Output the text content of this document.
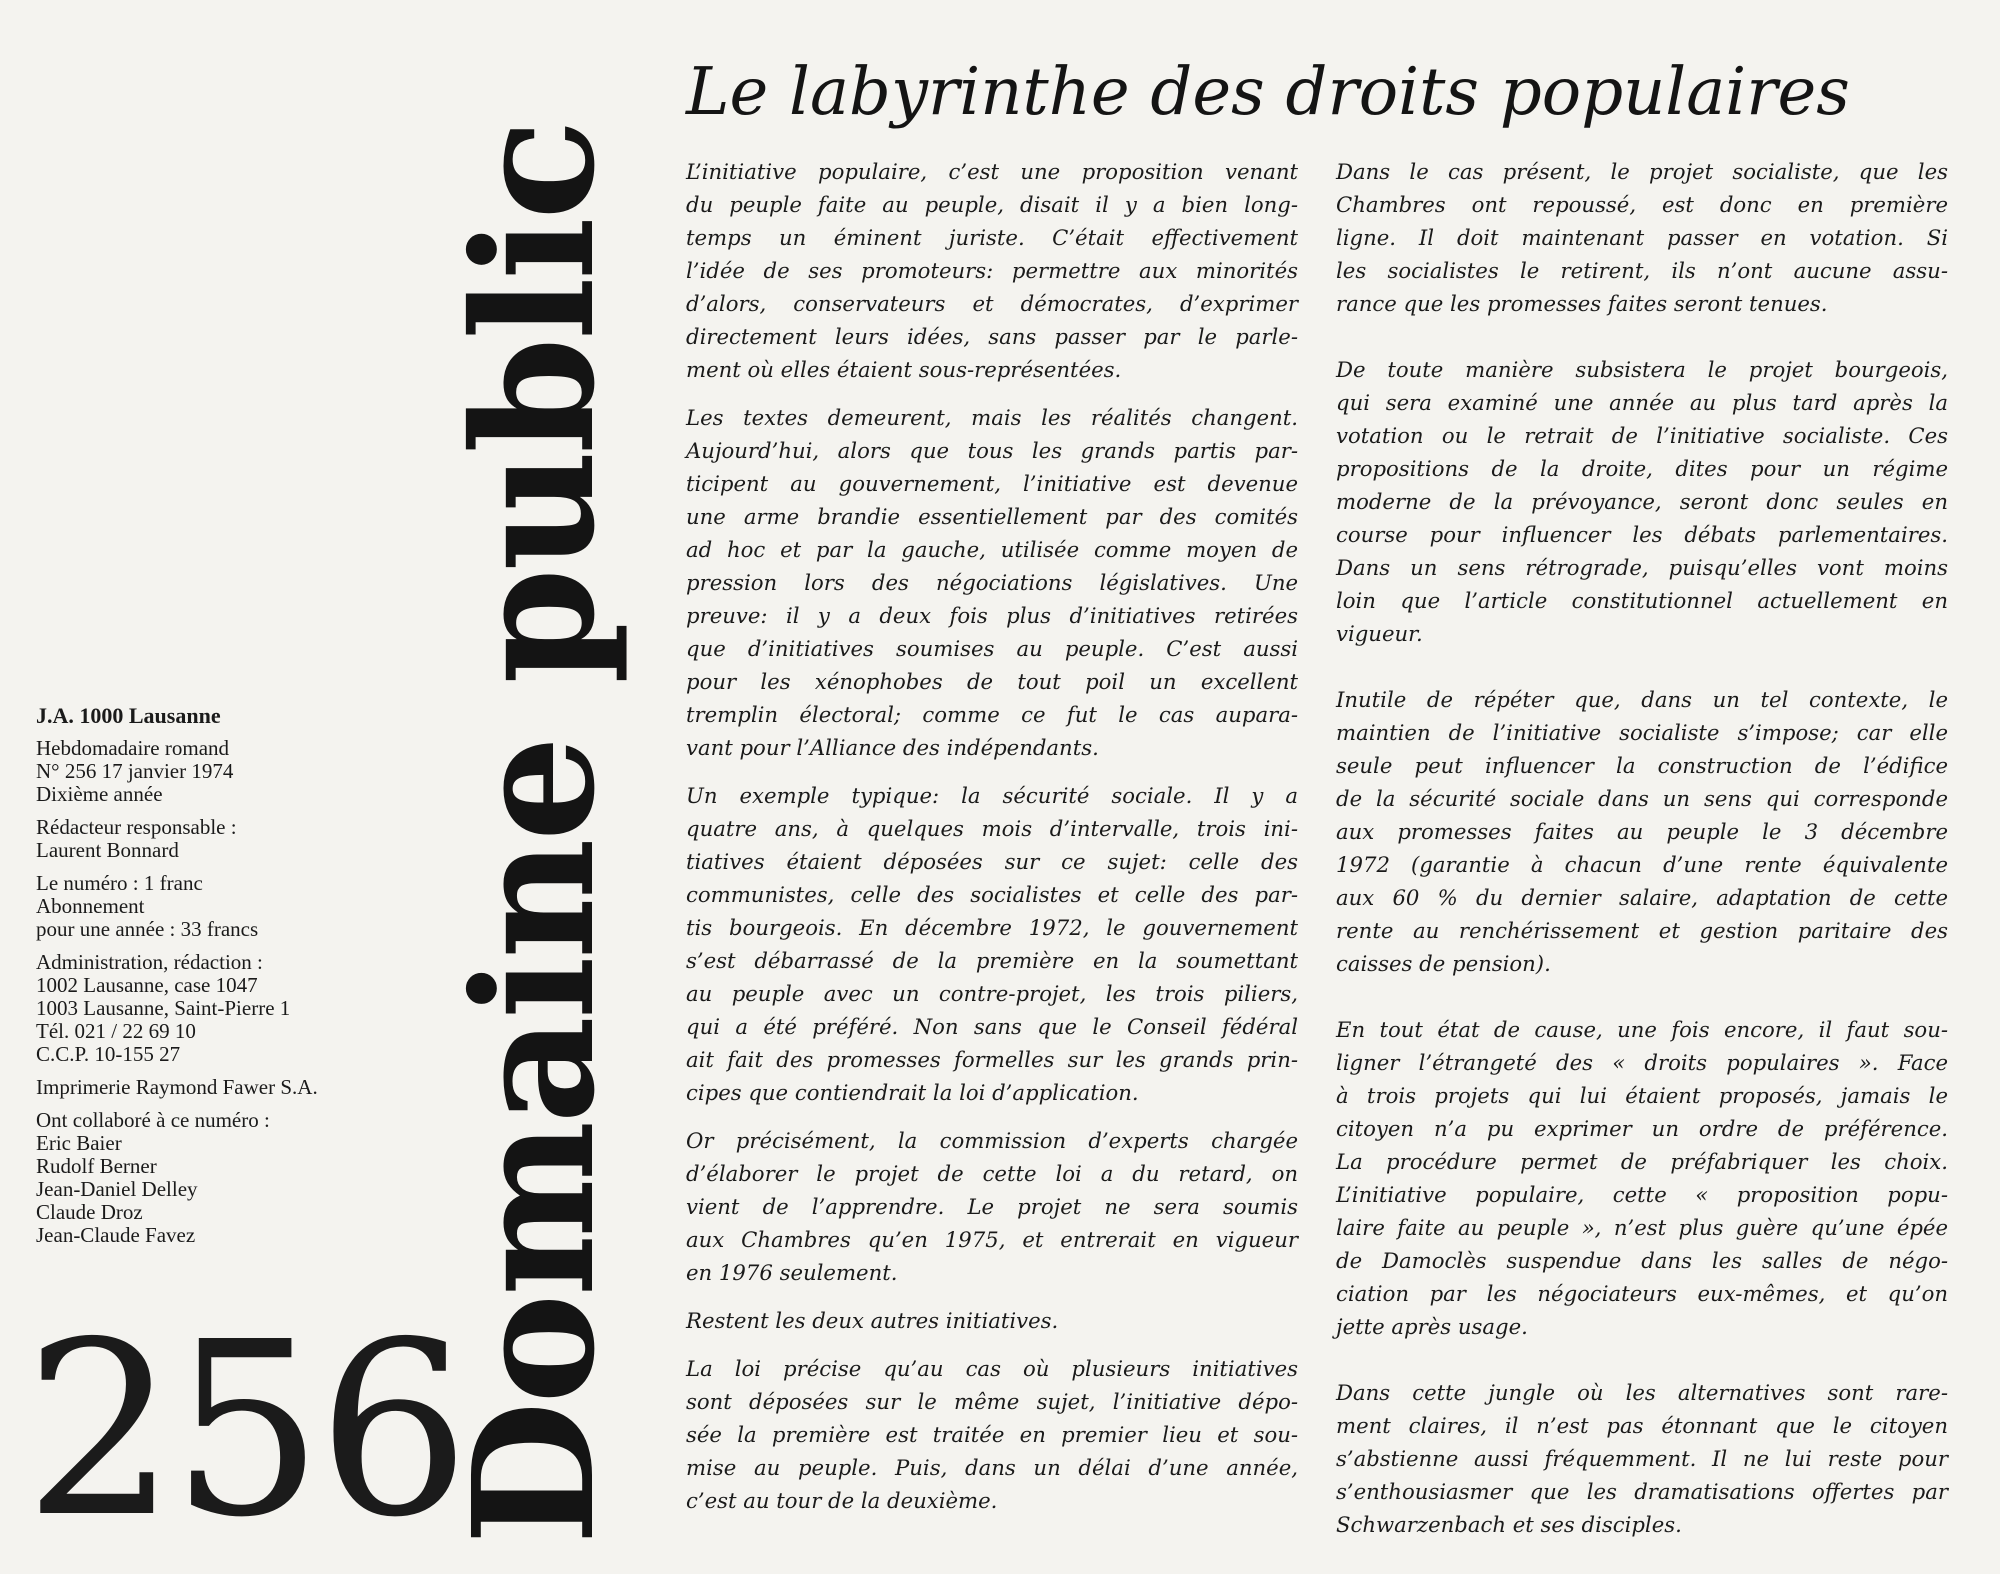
Le labyrinthe des droits populaires
J.A. 1000 Lausanne
Hebdomadaire romand
N° 256 17 janvier 1974
Dixième année
Rédacteur responsable :
Laurent Bonnard
Le numéro : 1 franc
Abonnement
pour une année : 33 francs
Administration, rédaction :
1002 Lausanne, case 1047
1003 Lausanne, Saint-Pierre 1
Tél. 021 / 22 69 10
C.C.P. 10-155 27
Imprimerie Raymond Fawer S.A.
Ont collaboré à ce numéro :
Eric Baier
Rudolf Berner
Jean-Daniel Delley
Claude Droz
Jean-Claude Favez
256
Domaine public	L’initiative populaire, c’est une proposition venant
du peuple faite au peuple, disait il y a bien long-
temps un éminent juriste. C’était effectivement
l’idée de ses promoteurs: permettre aux minorités
d’alors, conservateurs et démocrates, d’exprimer
directement leurs idées, sans passer par le parle-
ment où elles étaient sous-représentées.

Les textes demeurent, mais les réalités changent.
Aujourd’hui, alors que tous les grands partis par-
ticipent au gouvernement, l’initiative est devenue
une arme brandie essentiellement par des comités
ad hoc et par la gauche, utilisée comme moyen de
pression lors des négociations législatives. Une
preuve: il y a deux fois plus d’initiatives retirées
que d’initiatives soumises au peuple. C’est aussi
pour les xénophobes de tout poil un excellent
tremplin électoral; comme ce fut le cas aupara-
vant pour l’Alliance des indépendants.

Un exemple typique: la sécurité sociale. Il y a
quatre ans, à quelques mois d’intervalle, trois ini-
tiatives étaient déposées sur ce sujet: celle des
communistes, celle des socialistes et celle des par-
tis bourgeois. En décembre 1972, le gouvernement
s’est débarrassé de la première en la soumettant
au peuple avec un contre-projet, les trois piliers,
qui a été préféré. Non sans que le Conseil fédéral
ait fait des promesses formelles sur les grands prin-
cipes que contiendrait la loi d’application.

Or précisément, la commission d’experts chargée
d’élaborer le projet de cette loi a du retard, on
vient de l’apprendre. Le projet ne sera soumis
aux Chambres qu’en 1975, et entrerait en vigueur
en 1976 seulement.

Restent les deux autres initiatives.

La loi précise qu’au cas où plusieurs initiatives
sont déposées sur le même sujet, l’initiative dépo-
sée la première est traitée en premier lieu et sou-
mise au peuple. Puis, dans un délai d’une année,
c’est au tour de la deuxième.

Dans le cas présent, le projet socialiste, que les
Chambres ont repoussé, est donc en première
ligne. Il doit maintenant passer en votation. Si
les socialistes le retirent, ils n’ont aucune assu-
rance que les promesses faites seront tenues.

De toute manière subsistera le projet bourgeois,
qui sera examiné une année au plus tard après la
votation ou le retrait de l’initiative socialiste. Ces
propositions de la droite, dites pour un régime
moderne de la prévoyance, seront donc seules en
course pour influencer les débats parlementaires.
Dans un sens rétrograde, puisqu’elles vont moins
loin que l’article constitutionnel actuellement en
vigueur.

Inutile de répéter que, dans un tel contexte, le
maintien de l’initiative socialiste s’impose; car elle
seule peut influencer la construction de l’édifice
de la sécurité sociale dans un sens qui corresponde
aux promesses faites au peuple le 3 décembre
1972 (garantie à chacun d’une rente équivalente
aux 60 % du dernier salaire, adaptation de cette
rente au renchérissement et gestion paritaire des
caisses de pension).

En tout état de cause, une fois encore, il faut sou-
ligner l’étrangeté des « droits populaires ». Face
à trois projets qui lui étaient proposés, jamais le
citoyen n’a pu exprimer un ordre de préférence.
La procédure permet de préfabriquer les choix.
L’initiative populaire, cette « proposition popu-
laire faite au peuple », n’est plus guère qu’une épée
de Damoclès suspendue dans les salles de négo-
ciation par les négociateurs eux-mêmes, et qu’on
jette après usage.

Dans cette jungle où les alternatives sont rare-
ment claires, il n’est pas étonnant que le citoyen
s’abstienne aussi fréquemment. Il ne lui reste pour
s’enthousiasmer que les dramatisations offertes par
Schwarzenbach et ses disciples.
